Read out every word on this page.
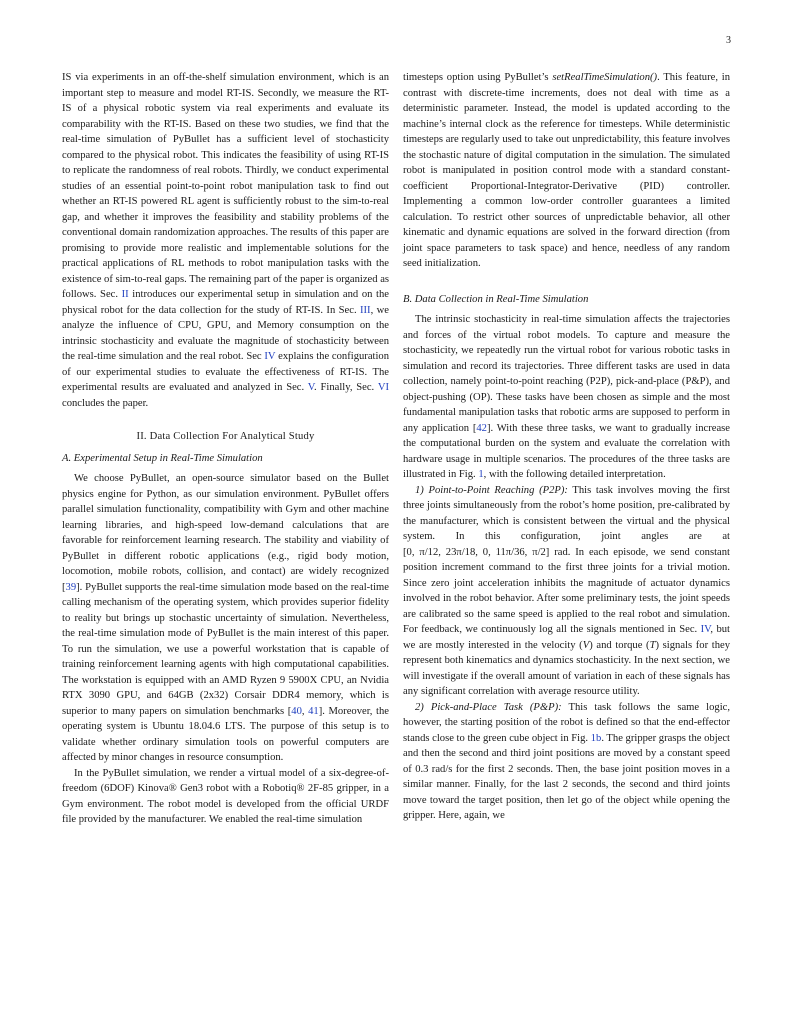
3

IS via experiments in an off-the-shelf simulation environment, which is an important step to measure and model RT-IS. Secondly, we measure the RT-IS of a physical robotic system via real experiments and evaluate its comparability with the RT-IS. Based on these two studies, we find that the real-time simulation of PyBullet has a sufficient level of stochasticity compared to the physical robot. This indicates the feasibility of using RT-IS to replicate the randomness of real robots. Thirdly, we conduct experimental studies of an essential point-to-point robot manipulation task to find out whether an RT-IS powered RL agent is sufficiently robust to the sim-to-real gap, and whether it improves the feasibility and stability problems of the conventional domain randomization approaches. The results of this paper are promising to provide more realistic and implementable solutions for the practical applications of RL methods to robot manipulation tasks with the existence of sim-to-real gaps. The remaining part of the paper is organized as follows. Sec. II introduces our experimental setup in simulation and on the physical robot for the data collection for the study of RT-IS. In Sec. III, we analyze the influence of CPU, GPU, and Memory consumption on the intrinsic stochasticity and evaluate the magnitude of stochasticity between the real-time simulation and the real robot. Sec IV explains the configuration of our experimental studies to evaluate the effectiveness of RT-IS. The experimental results are evaluated and analyzed in Sec. V. Finally, Sec. VI concludes the paper.

II. Data Collection For Analytical Study
A. Experimental Setup in Real-Time Simulation

We choose PyBullet, an open-source simulator based on the Bullet physics engine for Python, as our simulation environment. PyBullet offers parallel simulation functionality, compatibility with Gym and other machine learning libraries, and high-speed low-demand calculations that are favorable for reinforcement learning research. The stability and viability of PyBullet in different robotic applications (e.g., rigid body motion, locomotion, mobile robots, collision, and contact) are widely recognized [39]. PyBullet supports the real-time simulation mode based on the real-time calling mechanism of the operating system, which provides superior fidelity to reality but brings up stochastic uncertainty of simulation. Nevertheless, the real-time simulation mode of PyBullet is the main interest of this paper. To run the simulation, we use a powerful workstation that is capable of training reinforcement learning agents with high computational capabilities. The workstation is equipped with an AMD Ryzen 9 5900X CPU, an Nvidia RTX 3090 GPU, and 64GB (2x32) Corsair DDR4 memory, which is superior to many papers on simulation benchmarks [40, 41]. Moreover, the operating system is Ubuntu 18.04.6 LTS. The purpose of this setup is to validate whether ordinary simulation tools on powerful computers are affected by minor changes in resource consumption.

In the PyBullet simulation, we render a virtual model of a six-degree-of-freedom (6DOF) Kinova® Gen3 robot with a Robotiq® 2F-85 gripper, in a Gym environment. The robot model is developed from the official URDF file provided by the manufacturer. We enabled the real-time simulation

timesteps option using PyBullet’s setRealTimeSimulation(). This feature, in contrast with discrete-time increments, does not deal with time as a deterministic parameter. Instead, the model is updated according to the machine’s internal clock as the reference for timesteps. While deterministic timesteps are regularly used to take out unpredictability, this feature involves the stochastic nature of digital computation in the simulation. The simulated robot is manipulated in position control mode with a standard constant-coefficient Proportional-Integrator-Derivative (PID) controller. Implementing a common low-order controller guarantees a limited calculation. To restrict other sources of unpredictable behavior, all other kinematic and dynamic equations are solved in the forward direction (from joint space parameters to task space) and hence, needless of any random seed initialization.

B. Data Collection in Real-Time Simulation

The intrinsic stochasticity in real-time simulation affects the trajectories and forces of the virtual robot models. To capture and measure the stochasticity, we repeatedly run the virtual robot for various robotic tasks in simulation and record its trajectories. Three different tasks are used in data collection, namely point-to-point reaching (P2P), pick-and-place (P&P), and object-pushing (OP). These tasks have been chosen as simple and the most fundamental manipulation tasks that robotic arms are supposed to perform in any application [42]. With these three tasks, we want to gradually increase the computational burden on the system and evaluate the correlation with hardware usage in multiple scenarios. The procedures of the three tasks are illustrated in Fig. 1, with the following detailed interpretation.

1) Point-to-Point Reaching (P2P): This task involves moving the first three joints simultaneously from the robot’s home position, pre-calibrated by the manufacturer, which is consistent between the virtual and the physical system. In this configuration, joint angles are at [0, π/12, 23π/18, 0, 11π/36, π/2] rad. In each episode, we send constant position increment command to the first three joints for a trivial motion. Since zero joint acceleration inhibits the magnitude of actuator dynamics involved in the robot behavior. After some preliminary tests, the joint speeds are calibrated so the same speed is applied to the real robot and simulation. For feedback, we continuously log all the signals mentioned in Sec. IV, but we are mostly interested in the velocity (V) and torque (T) signals for they represent both kinematics and dynamics stochasticity. In the next section, we will investigate if the overall amount of variation in each of these signals has any significant correlation with average resource utility.

2) Pick-and-Place Task (P&P): This task follows the same logic, however, the starting position of the robot is defined so that the end-effector stands close to the green cube object in Fig. 1b. The gripper grasps the object and then the second and third joint positions are moved by a constant speed of 0.3 rad/s for the first 2 seconds. Then, the base joint position moves in a similar manner. Finally, for the last 2 seconds, the second and third joints move toward the target position, then let go of the object while opening the gripper. Here, again, we
